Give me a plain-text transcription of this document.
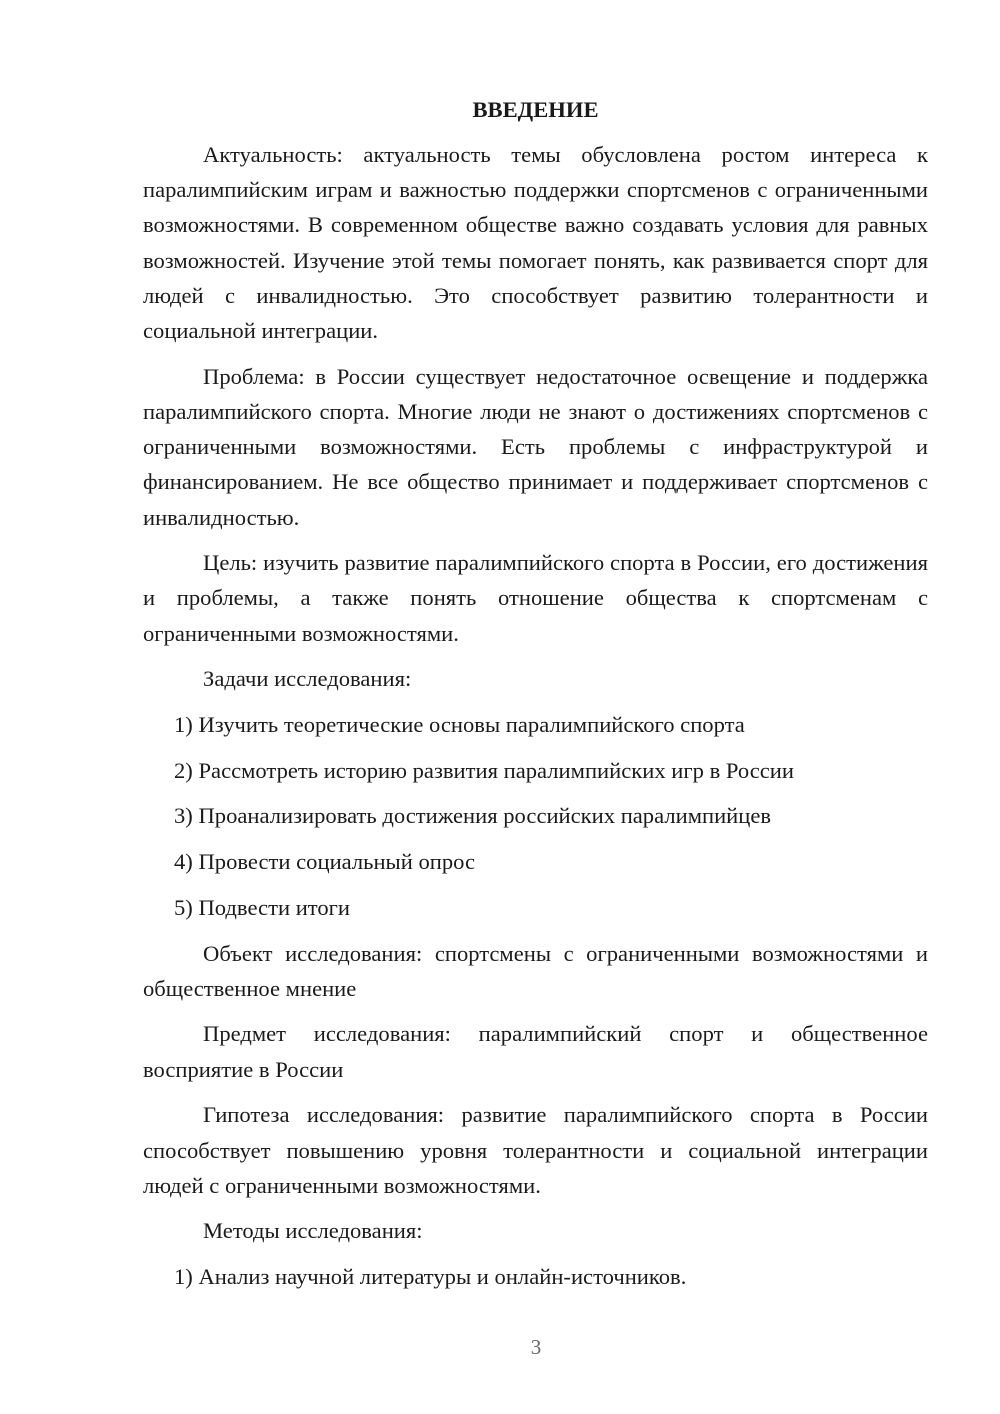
ВВЕДЕНИЕ

Актуальность: актуальность темы обусловлена ростом интереса к паралимпийским играм и важностью поддержки спортсменов с ограниченными возможностями. В современном обществе важно создавать условия для равных возможностей. Изучение этой темы помогает понять, как развивается спорт для людей с инвалидностью. Это способствует развитию толерантности и социальной интеграции.

Проблема: в России существует недостаточное освещение и поддержка паралимпийского спорта. Многие люди не знают о достижениях спортсменов с ограниченными возможностями. Есть проблемы с инфраструктурой и финансированием. Не все общество принимает и поддерживает спортсменов с инвалидностью.

Цель: изучить развитие паралимпийского спорта в России, его достижения и проблемы, а также понять отношение общества к спортсменам с ограниченными возможностями.

Задачи исследования:

1) Изучить теоретические основы паралимпийского спорта

2) Рассмотреть историю развития паралимпийских игр в России

3) Проанализировать достижения российских паралимпийцев

4) Провести социальный опрос

5) Подвести итоги

Объект исследования: спортсмены с ограниченными возможностями и общественное мнение

Предмет исследования: паралимпийский спорт и общественное восприятие в России

Гипотеза исследования: развитие паралимпийского спорта в России способствует повышению уровня толерантности и социальной интеграции людей с ограниченными возможностями.

Методы исследования:

1) Анализ научной литературы и онлайн-источников.

3
